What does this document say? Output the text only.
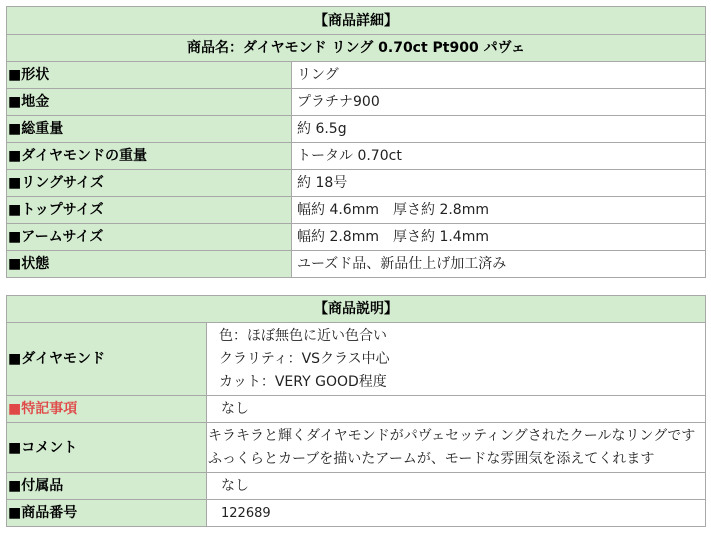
【商品詳細】	
商品名：ダイヤモンド リング 0.70ct Pt900 パヴェ	
■形状	リング
■地金	プラチナ900
■総重量	約 6.5g
■ダイヤモンドの重量	トータル 0.70ct
■リングサイズ	約 18号
■トップサイズ	幅約 4.6mm　厚さ約 2.8mm
■アームサイズ	幅約 2.8mm　厚さ約 1.4mm
■状態	ユーズド品、新品仕上げ加工済み
【商品説明】	
■ダイヤモンド	色：ほぼ無色に近い色合い
クラリティ：VSクラス中心
カット：VERY GOOD程度

■特記事項	なし
■コメント	キラキラと輝くダイヤモンドがパヴェセッティングされたクールなリングです
ふっくらとカーブを描いたアームが、モードな雰囲気を添えてくれます

■付属品	なし
■商品番号	122689
